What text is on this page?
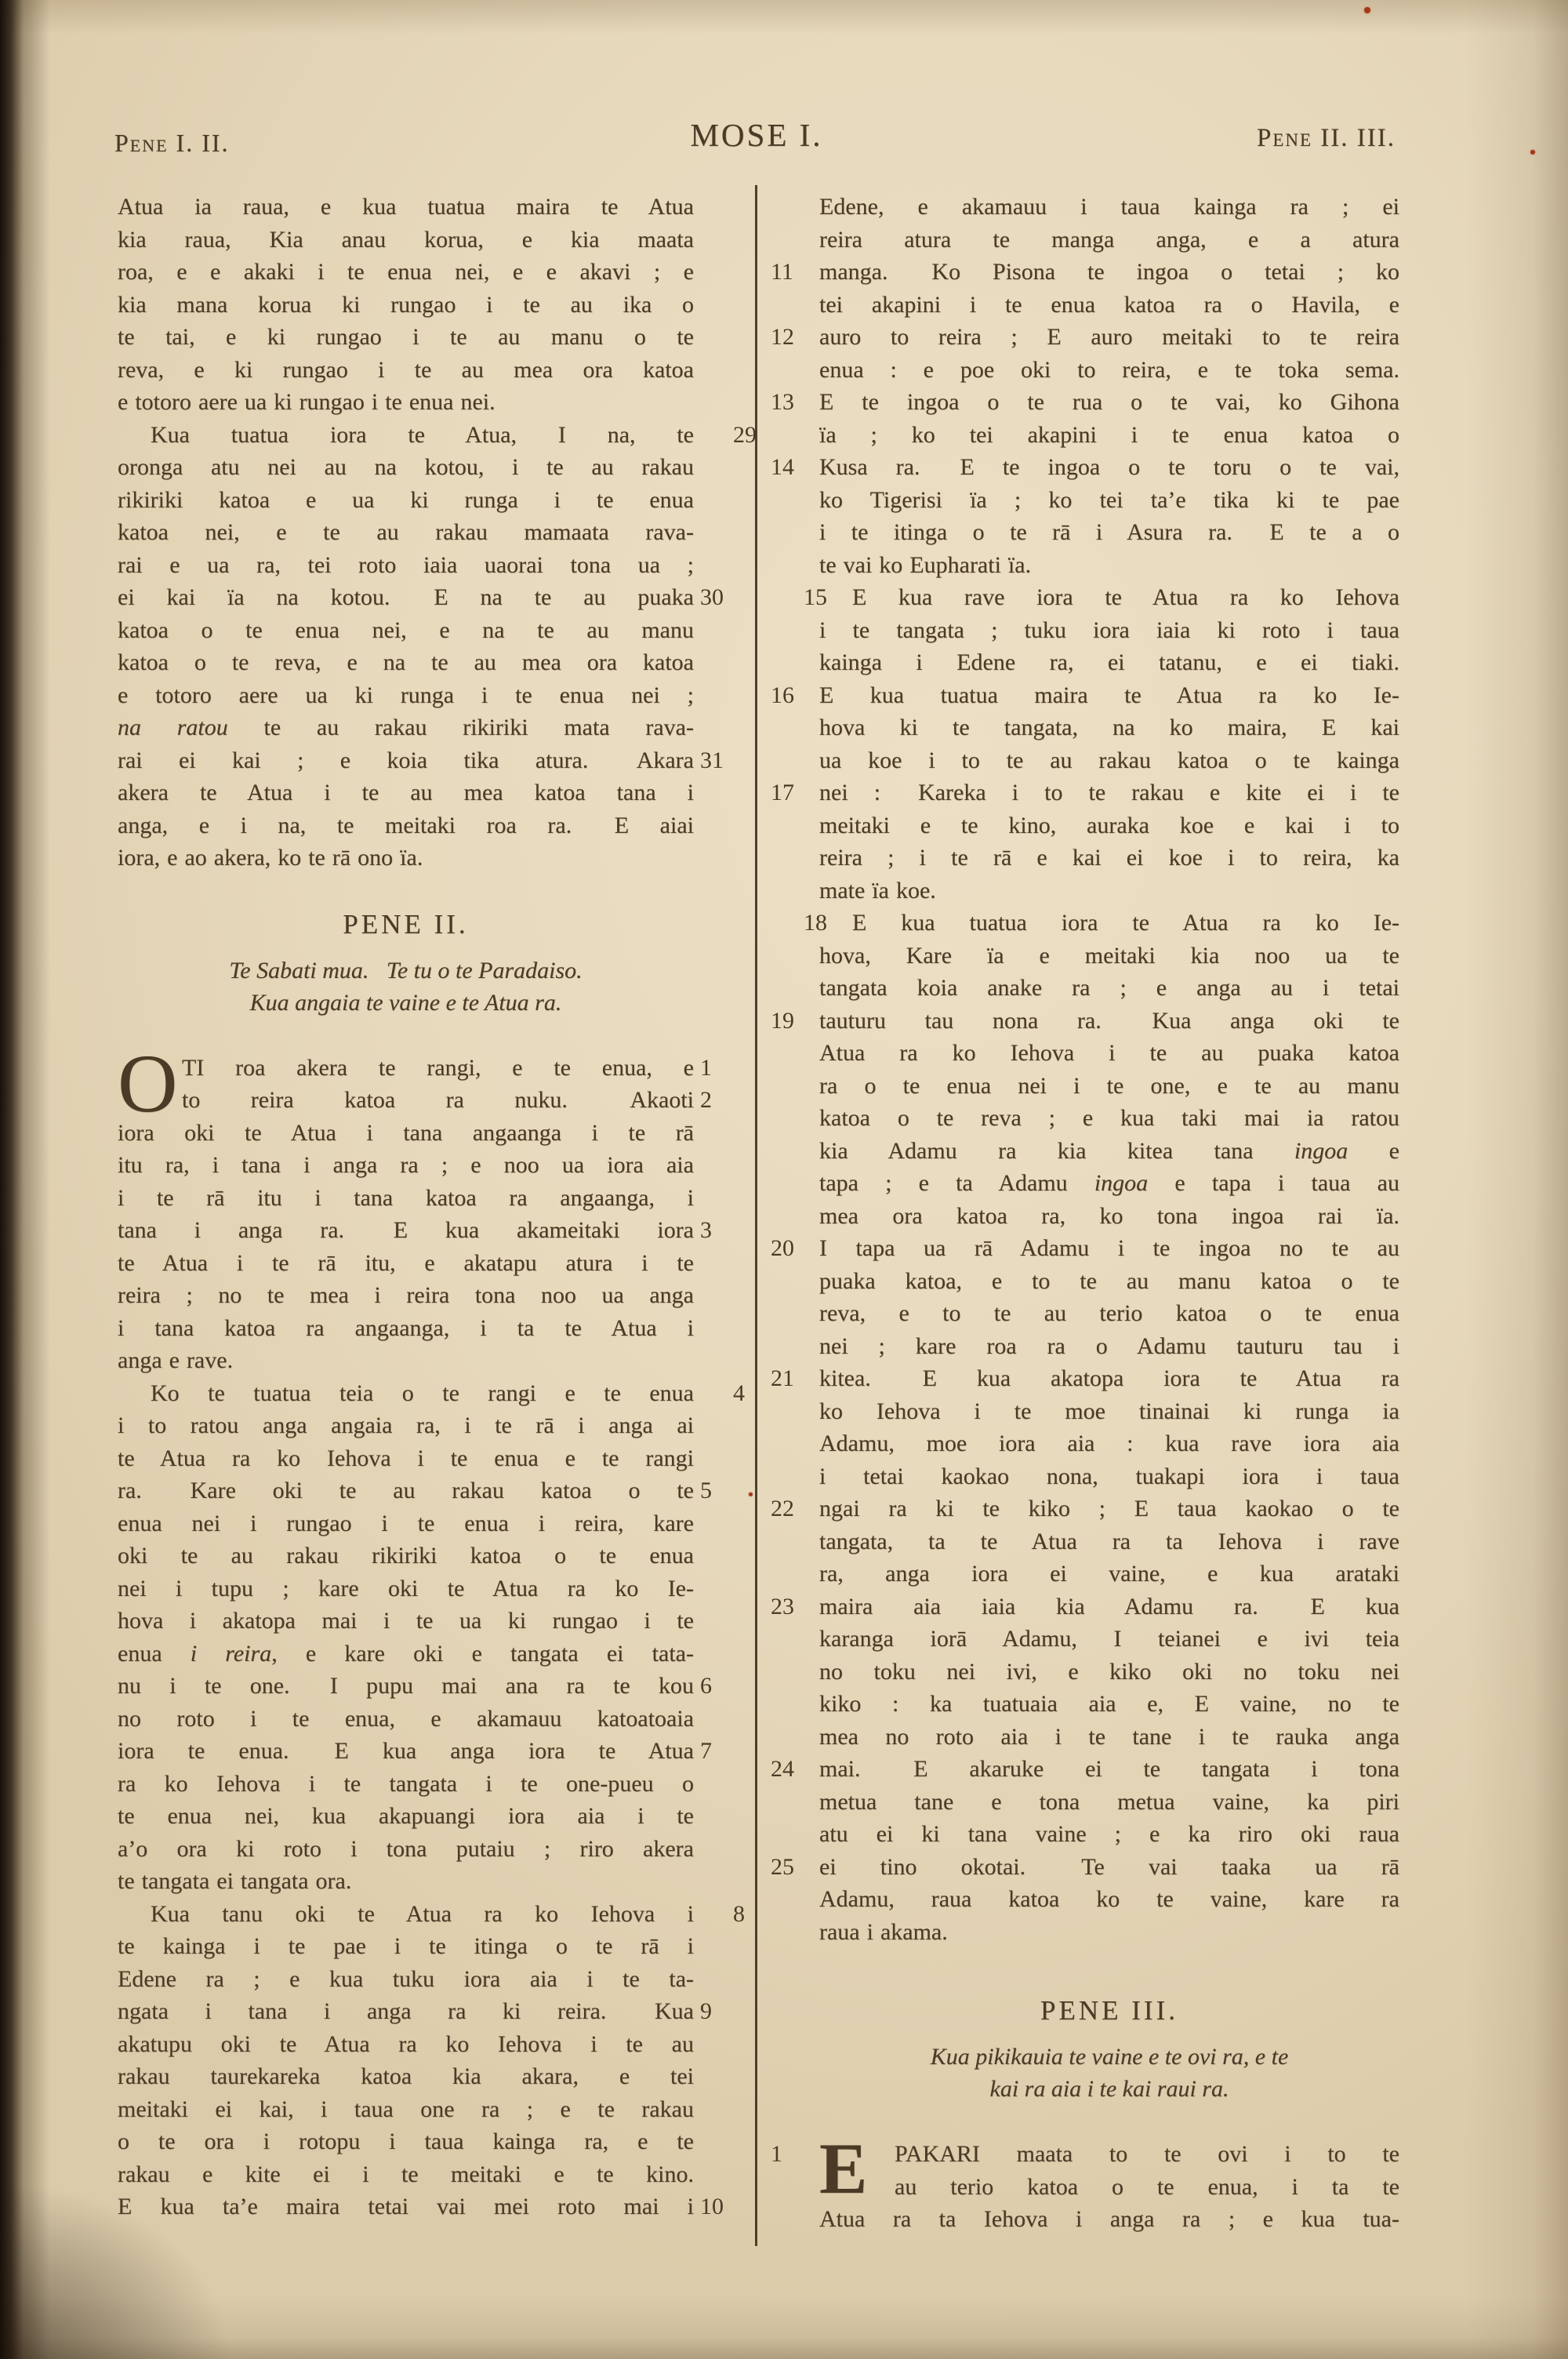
Pene I. II.	MOSE I.	Pene II. III.
Atua ia raua, e kua tuatua maira te Atua
kia raua, Kia anau korua, e kia maata
roa, e e akaki i te enua nei, e e akavi ; e
kia mana korua ki rungao i te au ika o
te tai, e ki rungao i te au manu o te
reva, e ki rungao i te au mea ora katoa
e totoro aere ua ki rungao i te enua nei.
Kua tuatua iora te Atua, I na, te	29
oronga atu nei au na kotou, i te au rakau
rikiriki katoa e ua ki runga i te enua
katoa nei, e te au rakau mamaata rava-
rai e ua ra, tei roto iaia uaorai tona ua ;
ei kai ïa na kotou.  E na te au puaka 30
katoa o te enua nei, e na te au manu
katoa o te reva, e na te au mea ora katoa
e totoro aere ua ki runga i te enua nei ;
na ratou te au rakau rikiriki mata rava-
rai ei kai ; e koia tika atura.  Akara 31
akera te Atua i te au mea katoa tana i
anga, e i na, te meitaki roa ra.  E aiai
iora, e ao akera, ko te rā ono ïa.
PENE II.
Te Sabati mua.  Te tu o te Paradaiso.
Kua angaia te vaine e te Atua ra.
O TI roa akera te rangi, e te enua, e 1
to reira katoa ra nuku.  Akaoti 2
iora oki te Atua i tana angaanga i te rā
itu ra, i tana i anga ra ; e noo ua iora aia
i te rā itu i tana katoa ra angaanga, i
tana i anga ra.  E kua akameitaki iora 3
te Atua i te rā itu, e akatapu atura i te
reira ; no te mea i reira tona noo ua anga
i tana katoa ra angaanga, i ta te Atua i
anga e rave.
Ko te tuatua teia o te rangi e te enua	4
i to ratou anga angaia ra, i te rā i anga ai
te Atua ra ko Iehova i te enua e te rangi
ra.  Kare oki te au rakau katoa o te 5
enua nei i rungao i te enua i reira, kare
oki te au rakau rikiriki katoa o te enua
nei i tupu ; kare oki te Atua ra ko Ie-
hova i akatopa mai i te ua ki rungao i te
enua i reira, e kare oki e tangata ei tata-
nu i te one.  I pupu mai ana ra te kou 6
no roto i te enua, e akamauu katoatoaia
iora te enua.  E kua anga iora te Atua 7
ra ko Iehova i te tangata i te one-pueu o
te enua nei, kua akapuangi iora aia i te
a’o ora ki roto i tona putaiu ; riro akera
te tangata ei tangata ora.
Kua tanu oki te Atua ra ko Iehova i	8
te kainga i te pae i te itinga o te rā i
Edene ra ; e kua tuku iora aia i te ta-
ngata i tana i anga ra ki reira.  Kua 9
akatupu oki te Atua ra ko Iehova i te au
rakau taurekareka katoa kia akara, e tei
meitaki ei kai, i taua one ra ; e te rakau
o te ora i rotopu i taua kainga ra, e te
rakau e kite ei i te meitaki e te kino.
E kua ta’e maira tetai vai mei roto mai i 10
Edene, e akamauu i taua kainga ra ; ei
reira atura te manga anga, e a atura
manga.  Ko Pisona te ingoa o tetai ; ko
11
tei akapini i te enua katoa ra o Havila, e
auro to reira ; E auro meitaki to te reira
12
enua : e poe oki to reira, e te toka sema.
E te ingoa o te rua o te vai, ko Gihona
13
ïa ; ko tei akapini i te enua katoa o
Kusa ra.  E te ingoa o te toru o te vai,
14
ko Tigerisi ïa ; ko tei ta’e tika ki te pae
i te itinga o te rā i Asura ra.  E te a o
te vai ko Eupharati ïa.
E kua rave iora te Atua ra ko Iehova
15
i te tangata ; tuku iora iaia ki roto i taua
kainga i Edene ra, ei tatanu, e ei tiaki.
E kua tuatua maira te Atua ra ko Ie-
16
hova ki te tangata, na ko maira, E kai
ua koe i to te au rakau katoa o te kainga
nei :  Kareka i to te rakau e kite ei i te
17
meitaki e te kino, auraka koe e kai i to
reira ; i te rā e kai ei koe i to reira, ka
mate ïa koe.
E kua tuatua iora te Atua ra ko Ie-
18
hova, Kare ïa e meitaki kia noo ua te
tangata koia anake ra ; e anga au i tetai
tauturu tau nona ra.  Kua anga oki te
19
Atua ra ko Iehova i te au puaka katoa
ra o te enua nei i te one, e te au manu
katoa o te reva ; e kua taki mai ia ratou
kia Adamu ra kia kitea tana ingoa e
tapa ; e ta Adamu ingoa e tapa i taua au
mea ora katoa ra, ko tona ingoa rai ïa.
I tapa ua rā Adamu i te ingoa no te au
20
puaka katoa, e to te au manu katoa o te
reva, e to te au terio katoa o te enua
nei ; kare roa ra o Adamu tauturu tau i
kitea.  E kua akatopa iora te Atua ra
21
ko Iehova i te moe tinainai ki runga ia
Adamu, moe iora aia : kua rave iora aia
i tetai kaokao nona, tuakapi iora i taua
ngai ra ki te kiko ; E taua kaokao o te
22
tangata, ta te Atua ra ta Iehova i rave
ra, anga iora ei vaine, e kua arataki
maira aia iaia kia Adamu ra.  E kua
23
karanga iorā Adamu, I teianei e ivi teia
no toku nei ivi, e kiko oki no toku nei
kiko : ka tuatuaia aia e, E vaine, no te
mea no roto aia i te tane i te rauka anga
mai.  E akaruke ei te tangata i tona
24
metua tane e tona metua vaine, ka piri
atu ei ki tana vaine ; e ka riro oki raua
ei tino okotai.  Te vai taaka ua rā
25
Adamu, raua katoa ko te vaine, kare ra
raua i akama.
PENE III.
Kua pikikauia te vaine e te ovi ra, e te
kai ra aia i te kai raui ra.
E	PAKARI maata to te ovi i to te
1
au terio katoa o te enua, i ta te
Atua ra ta Iehova i anga ra ; e kua tua-
